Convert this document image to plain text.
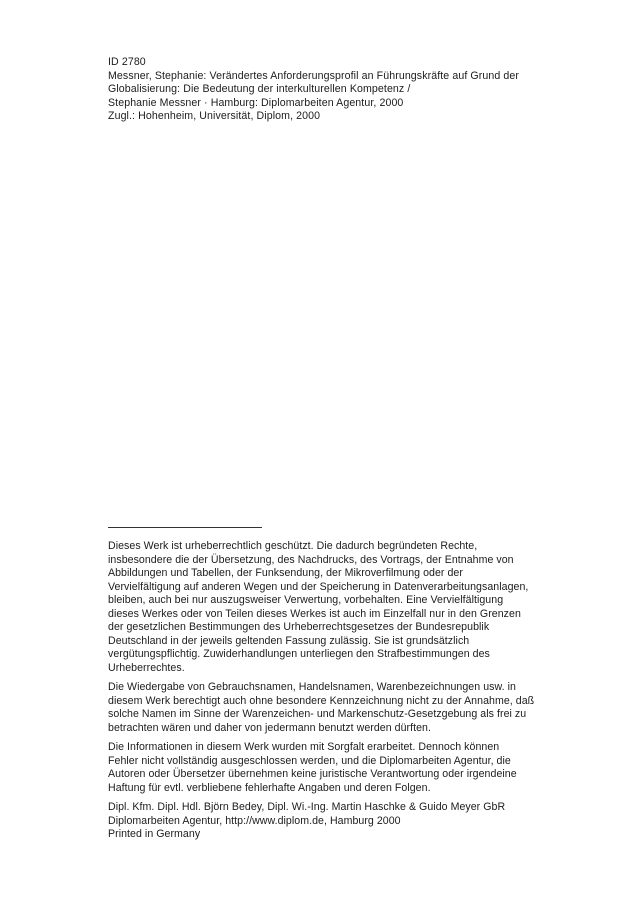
ID 2780
Messner, Stephanie: Verändertes Anforderungsprofil an Führungskräfte auf Grund der
Globalisierung: Die Bedeutung der interkulturellen Kompetenz /
Stephanie Messner · Hamburg: Diplomarbeiten Agentur, 2000
Zugl.: Hohenheim, Universität, Diplom, 2000
Dieses Werk ist urheberrechtlich geschützt. Die dadurch begründeten Rechte,
insbesondere die der Übersetzung, des Nachdrucks, des Vortrags, der Entnahme von
Abbildungen und Tabellen, der Funksendung, der Mikroverfilmung oder der
Vervielfältigung auf anderen Wegen und der Speicherung in Datenverarbeitungsanlagen,
bleiben, auch bei nur auszugsweiser Verwertung, vorbehalten. Eine Vervielfältigung
dieses Werkes oder von Teilen dieses Werkes ist auch im Einzelfall nur in den Grenzen
der gesetzlichen Bestimmungen des Urheberrechtsgesetzes der Bundesrepublik
Deutschland in der jeweils geltenden Fassung zulässig. Sie ist grundsätzlich
vergütungspflichtig. Zuwiderhandlungen unterliegen den Strafbestimmungen des
Urheberrechtes.
Die Wiedergabe von Gebrauchsnamen, Handelsnamen, Warenbezeichnungen usw. in
diesem Werk berechtigt auch ohne besondere Kennzeichnung nicht zu der Annahme, daß
solche Namen im Sinne der Warenzeichen- und Markenschutz-Gesetzgebung als frei zu
betrachten wären und daher von jedermann benutzt werden dürften.
Die Informationen in diesem Werk wurden mit Sorgfalt erarbeitet. Dennoch können
Fehler nicht vollständig ausgeschlossen werden, und die Diplomarbeiten Agentur, die
Autoren oder Übersetzer übernehmen keine juristische Verantwortung oder irgendeine
Haftung für evtl. verbliebene fehlerhafte Angaben und deren Folgen.
Dipl. Kfm. Dipl. Hdl. Björn Bedey, Dipl. Wi.-Ing. Martin Haschke & Guido Meyer GbR
Diplomarbeiten Agentur, http://www.diplom.de, Hamburg 2000
Printed in Germany
